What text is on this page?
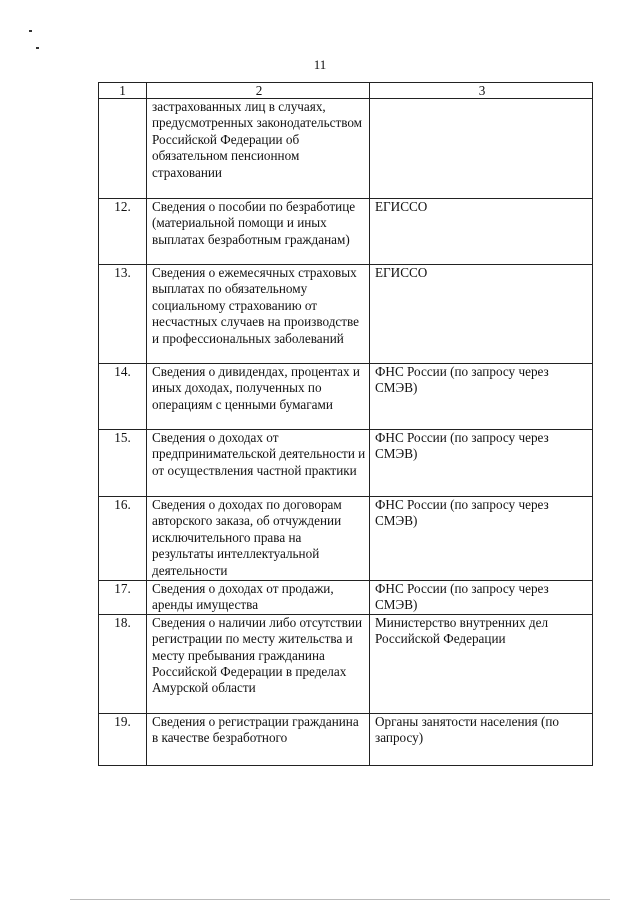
11
1	2	3
	застрахованных лиц в случаях, предусмотренных законодательством Российской Федерации об обязательном пенсионном страховании	
12.	Сведения о пособии по безработице (материальной помощи и иных выплатах безработным гражданам)	ЕГИССО
13.	Сведения о ежемесячных страховых выплатах по обязательному социальному страхованию от несчастных случаев на производстве и профессиональных заболеваний	ЕГИССО
14.	Сведения о дивидендах, процентах и иных доходах, полученных по операциям с ценными бумагами	ФНС России (по запросу через СМЭВ)
15.	Сведения о доходах от предпринимательской деятельности и от осуществления частной практики	ФНС России (по запросу через СМЭВ)
16.	Сведения о доходах по договорам авторского заказа, об отчуждении исключительного права на результаты интеллектуальной деятельности	ФНС России (по запросу через СМЭВ)
17.	Сведения о доходах от продажи, аренды имущества	ФНС России (по запросу через СМЭВ)
18.	Сведения о наличии либо отсутствии регистрации по месту жительства и месту пребывания гражданина Российской Федерации в пределах Амурской области	Министерство внутренних дел Российской Федерации
19.	Сведения о регистрации гражданина в качестве безработного	Органы занятости населения (по запросу)
